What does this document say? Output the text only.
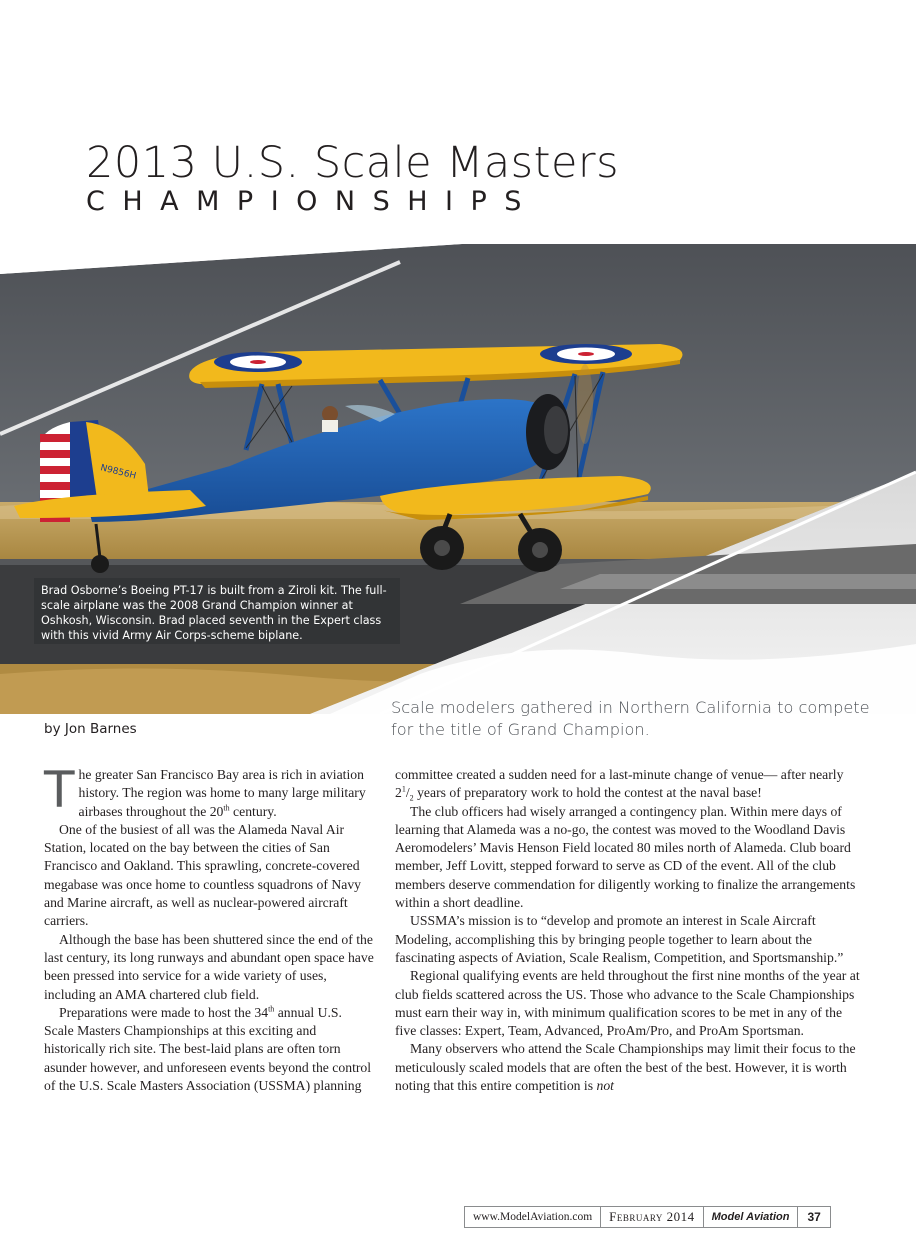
2013 U.S. Scale Masters
CHAMPIONSHIPS
N9856H

Brad Osborne’s Boeing PT-17 is built from a Ziroli kit. The full-scale airplane was the 2008 Grand Champion winner at Oshkosh, Wisconsin. Brad placed seventh in the Expert class with this vivid Army Air Corps-scheme biplane.

by Jon Barnes

Scale modelers gathered in Northern California to compete for the title of Grand Champion.

The greater San Francisco Bay area is rich in aviation history. The region was home to many large military airbases throughout the 20th century.

One of the busiest of all was the Alameda Naval Air Station, located on the bay between the cities of San Francisco and Oakland. This sprawling, concrete-covered megabase was once home to countless squadrons of Navy and Marine aircraft, as well as nuclear-powered aircraft carriers.

Although the base has been shuttered since the end of the last century, its long runways and abundant open space have been pressed into service for a wide variety of uses, including an AMA chartered club field.

Preparations were made to host the 34th annual U.S. Scale Masters Championships at this exciting and historically rich site. The best-laid plans are often torn asunder however, and unforeseen events beyond the control of the U.S. Scale Masters Association (USSMA) planning

committee created a sudden need for a last-minute change of venue— after nearly $2^1/_2$ years of preparatory work to hold the contest at the naval base!

The club officers had wisely arranged a contingency plan. Within mere days of learning that Alameda was a no-go, the contest was moved to the Woodland Davis Aeromodelers’ Mavis Henson Field located 80 miles north of Alameda. Club board member, Jeff Lovitt, stepped forward to serve as CD of the event. All of the club members deserve commendation for diligently working to finalize the arrangements within a short deadline.

USSMA’s mission is to “develop and promote an interest in Scale Aircraft Modeling, accomplishing this by bringing people together to learn about the fascinating aspects of Aviation, Scale Realism, Competition, and Sportsmanship.”

Regional qualifying events are held throughout the first nine months of the year at club fields scattered across the US. Those who advance to the Scale Championships must earn their way in, with minimum qualification scores to be met in any of the five classes: Expert, Team, Advanced, ProAm/Pro, and ProAm Sportsman.

Many observers who attend the Scale Championships may limit their focus to the meticulously scaled models that are often the best of the best. However, it is worth noting that this entire competition is not

www.ModelAviation.com	February 2014	Model Aviation	37
